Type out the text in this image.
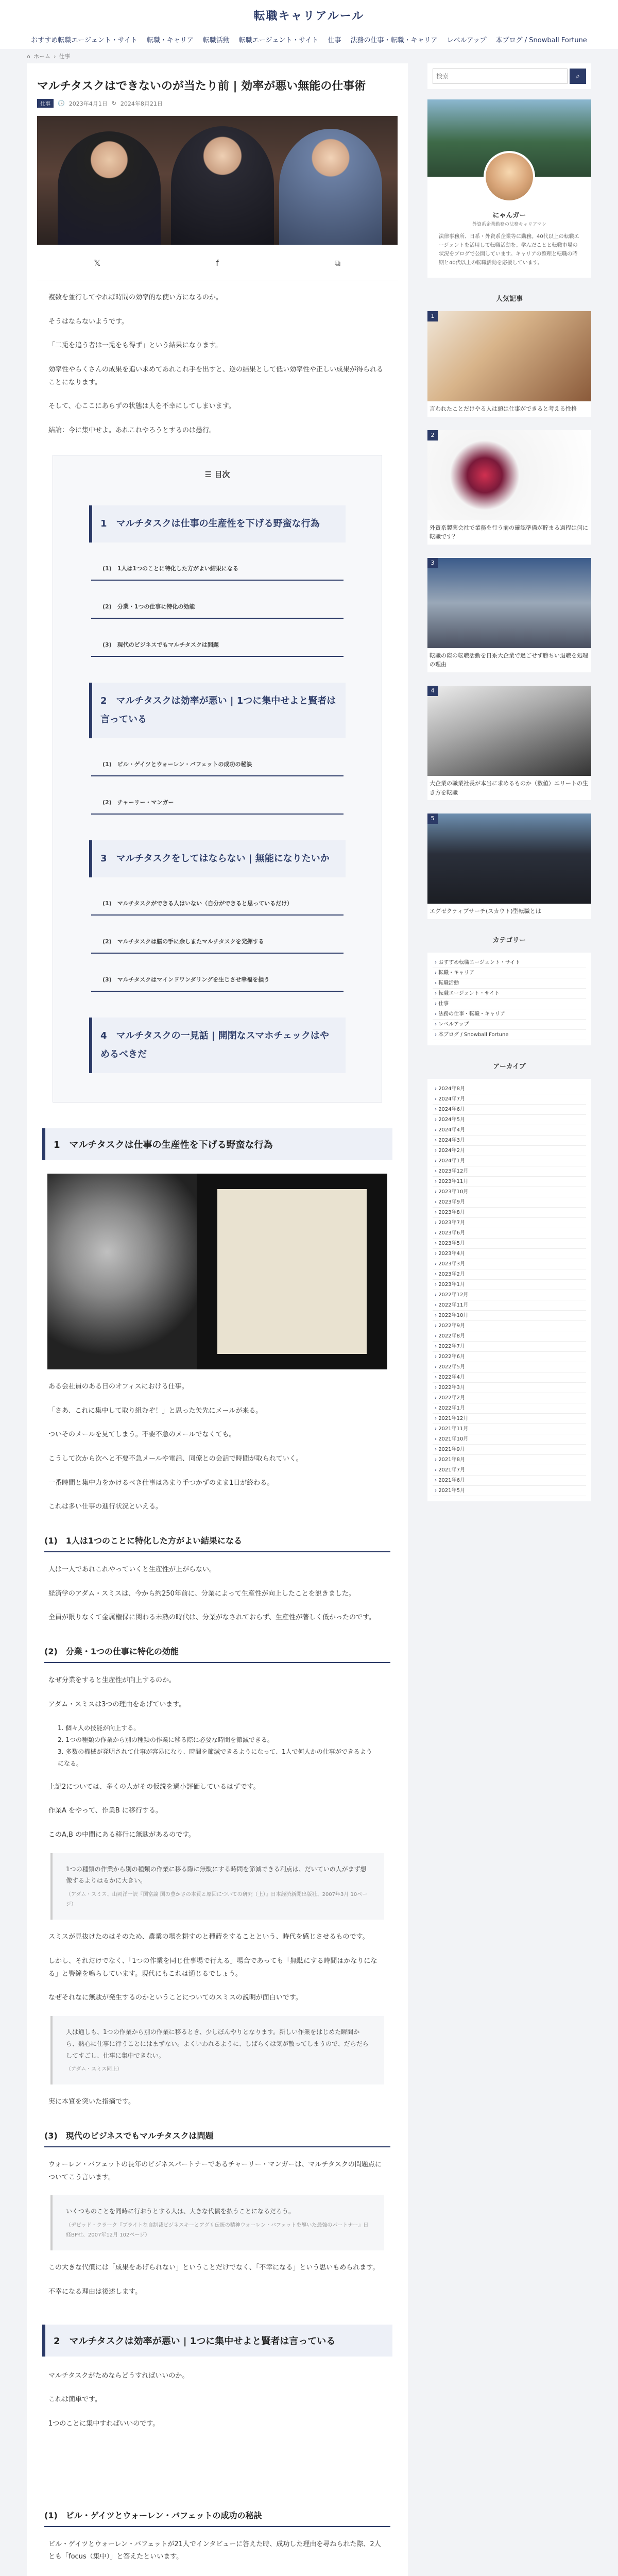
転職キャリアルール
おすすめ転職エージェント・サイト 転職・キャリア 転職活動 転職エージェント・サイト 仕事 法務の仕事・転職・キャリア レベルアップ 本ブログ / Snowball Fortune
⌂ ホーム › 仕事
マルチタスクはできないのが当たり前 | 効率が悪い無能の仕事術
仕事	🕒 2023年4月1日 ↻ 2024年8月21日
𝕏	f	⧉

複数を並行してやれば時間の効率的な使い方になるのか。

そうはならないようです。

「二兎を追う者は一兎をも得ず」という結果になります。

効率性やらくさんの成果を追い求めてあれこれ手を出すと、逆の結果として低い効率性や正しい成果が得られることになります。

そして、心ここにあらずの状態は人を不幸にしてしまいます。

結論：今に集中せよ。あれこれやろうとするのは愚行。

☰ 目次
1　マルチタスクは仕事の生産性を下げる野蛮な行為
(1)　1人は1つのことに特化した方がよい結果になる
(2)　分業・1つの仕事に特化の効能
(3)　現代のビジネスでもマルチタスクは問題
2　マルチタスクは効率が悪い | 1つに集中せよと賢者は言っている
(1)　ビル・ゲイツとウォーレン・バフェットの成功の秘訣
(2)　チャーリー・マンガー
3　マルチタスクをしてはならない | 無能になりたいか
(1)　マルチタスクができる人はいない（自分ができると思っているだけ）
(2)　マルチタスクは脳の手に余しまたマルチタスクを発揮する
(3)　マルチタスクはマインドワンダリングを生じさせ幸福を損う
4　マルチタスクの一見話 | 開閉なスマホチェックはやめるべきだ
1　マルチタスクは仕事の生産性を下げる野蛮な行為

ある会社員のある日のオフィスにおける仕事。

「さあ、これに集中して取り組むぞ！」と思った矢先にメールが来る。

ついそのメールを見てしまう。不要不急のメールでなくても。

こうして次から次へと不要不急メールや電話、同僚との会話で時間が取られていく。

一番時間と集中力をかけるべき仕事はあまり手つかずのまま1日が終わる。

これは多い仕事の進行状況といえる。

(1)　1人は1つのことに特化した方がよい結果になる

人は一人であれこれやっていくと生産性が上がらない。

経済学のアダム・スミスは、今から約250年前に、分業によって生産性が向上したことを説きました。

全員が限りなくて金属権保に関わる未熟の時代は、分業がなされておらず、生産性が著しく低かったのです。

(2)　分業・1つの仕事に特化の効能

なぜ分業をすると生産性が向上するのか。

アダム・スミスは3つの理由をあげています。

1. 個々人の技能が向上する。
2. 1つの種類の作業から別の種類の作業に移る際に必要な時間を節減できる。
3. 多数の機械が発明されて仕事が容易になり、時間を節減できるようになって、1人で何人かの仕事ができるようになる。

上記2については、多くの人がその仮説を過小評価しているはずです。

作業A をやって、作業B に移行する。

このA,B の中間にある移行に無駄があるのです。

1つの種類の作業から別の種類の作業に移る際に無駄にする時間を節減できる利点は、だいていの人がまず想像するよりはるかに大きい。
（アダム・スミス、山岡洋一訳『国富論 国の豊かさの本質と原因についての研究（上）』日本経済新聞出版社、2007年3月 10ページ）

スミスが見抜けたのはそのため、農業の場を耕すのと種蒔をすることという、時代を感じさせるものです。

しかし、それだけでなく、「1つの作業を同じ仕事場で行える」場合であっても「無駄にする時間はかなりになる」と警鐘を鳴らしています。現代にもこれは通じるでしょう。

なぜそれなに無駄が発生するのかということについてのスミスの説明が面白いです。

人は通しも、1つの作業から別の作業に移るとき、少しぼんやりとなります。新しい作業をはじめた瞬間から、熱心に仕事に行うことにはまずない。よくいわれるように、しばらくは気が散ってしまうので、だらだらしてすごし、仕事に集中できない。
（アダム・スミス同上）

実に本質を突いた指摘です。

(3)　現代のビジネスでもマルチタスクは問題

ウォーレン・バフェットの長年のビジネスパートナーであるチャーリー・マンガーは、マルチタスクの問題点についてこう言います。

いくつものことを同時に行おうとする人は、大きな代償を払うことになるだろう。
（デビッド・クラーク『ブライトな自制裁ビジネスキーとアグリ伝統の精神ウォーレン・バフェットを導いた最強のパートナー』日経BP社、2007年12月 102ページ）

この大きな代償には「成果をあげられない」ということだけでなく、「不幸になる」という思いもめられます。

不幸になる理由は後述します。

2　マルチタスクは効率が悪い | 1つに集中せよと賢者は言っている

マルチタスクがためならどうすればいいのか。

これは簡単です。

1つのことに集中すればいいのです。

(1)　ビル・ゲイツとウォーレン・バフェットの成功の秘訣

ビル・ゲイツとウォーレン・バフェットが21人でインタビューに答えた時、成功した理由を尋ねられた際、2人とも「focus（集中）」と答えたといいます。

検索
⌕
にゃんガー
外資系企業勤務の法務キャリアマン
法律事務所、日系・外資系企業等に勤務。40代以上の転職エージェントを活用して転職活動を。学んだことと転職市場の状況をブログで公開しています。キャリアの整理と転職の時期と40代以上の転職活動を応援しています。
人気記事
1
言われたことだけやる人は頭は仕事ができると考える性格
2
外資系製薬会社で業務を行う前の確認準備が貯まる過程は何に転職です？
3
転職の際の転職活動を日系大企業で過ごせず勝ちい退職を処理の理由
4
大企業の職業社長が本当に求めるものか（数値）エリートの生き方を転職
5
エグゼクティブサーチ(スカウト)型転職とは
カテゴリー
› おすすめ転職エージェント・サイト
› 転職・キャリア
› 転職活動
› 転職エージェント・サイト
› 仕事
› 法務の仕事・転職・キャリア
› レベルアップ
› 本ブログ / Snowball Fortune
アーカイブ
› 2024年8月
› 2024年7月
› 2024年6月
› 2024年5月
› 2024年4月
› 2024年3月
› 2024年2月
› 2024年1月
› 2023年12月
› 2023年11月
› 2023年10月
› 2023年9月
› 2023年8月
› 2023年7月
› 2023年6月
› 2023年5月
› 2023年4月
› 2023年3月
› 2023年2月
› 2023年1月
› 2022年12月
› 2022年11月
› 2022年10月
› 2022年9月
› 2022年8月
› 2022年7月
› 2022年6月
› 2022年5月
› 2022年4月
› 2022年3月
› 2022年2月
› 2022年1月
› 2021年12月
› 2021年11月
› 2021年10月
› 2021年9月
› 2021年8月
› 2021年7月
› 2021年6月
› 2021年5月
